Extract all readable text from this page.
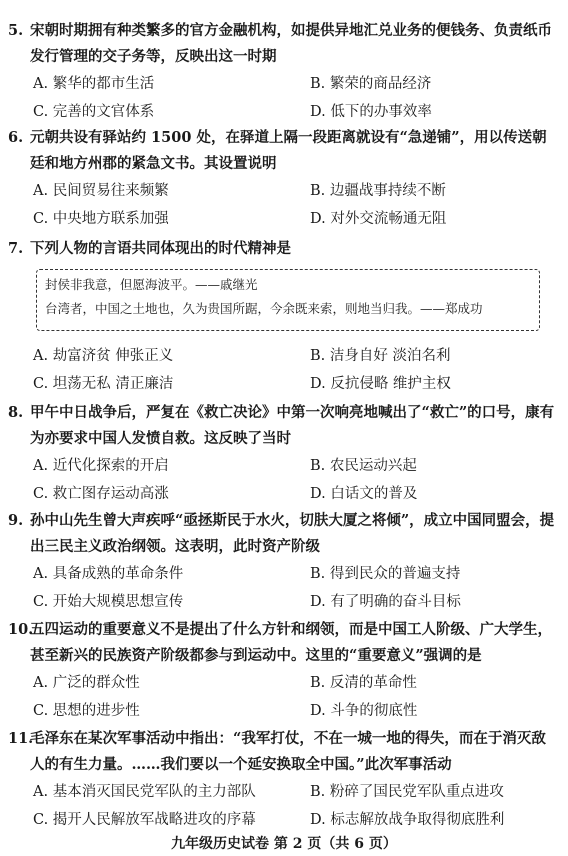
5. 宋朝时期拥有种类繁多的官方金融机构，如提供异地汇兑业务的便钱务、负责纸币发行管理的交子务等，反映出这一时期
A. 繁华的都市生活	B. 繁荣的商品经济
C. 完善的文官体系	D. 低下的办事效率
6. 元朝共设有驿站约 1500 处，在驿道上隔一段距离就设有“急递铺”，用以传送朝廷和地方州郡的紧急文书。其设置说明
A. 民间贸易往来频繁	B. 边疆战事持续不断
C. 中央地方联系加强	D. 对外交流畅通无阻
7. 下列人物的言语共同体现出的时代精神是
封侯非我意，但愿海波平。——戚继光
台湾者，中国之土地也，久为贵国所踞，今余既来索，则地当归我。——郑成功
A. 劫富济贫 伸张正义	B. 洁身自好 淡泊名利
C. 坦荡无私 清正廉洁	D. 反抗侵略 维护主权
8. 甲午中日战争后，严复在《救亡决论》中第一次响亮地喊出了“救亡”的口号，康有为亦要求中国人发愤自救。这反映了当时
A. 近代化探索的开启	B. 农民运动兴起
C. 救亡图存运动高涨	D. 白话文的普及
9. 孙中山先生曾大声疾呼“亟拯斯民于水火，切肤大厦之将倾”，成立中国同盟会，提出三民主义政治纲领。这表明，此时资产阶级
A. 具备成熟的革命条件	B. 得到民众的普遍支持
C. 开始大规模思想宣传	D. 有了明确的奋斗目标
10.五四运动的重要意义不是提出了什么方针和纲领，而是中国工人阶级、广大学生，甚至新兴的民族资产阶级都参与到运动中。这里的“重要意义”强调的是
A. 广泛的群众性	B. 反清的革命性
C. 思想的进步性	D. 斗争的彻底性
11.毛泽东在某次军事活动中指出：“我军打仗，不在一城一地的得失，而在于消灭敌人的有生力量。……我们要以一个延安换取全中国。”此次军事活动
A. 基本消灭国民党军队的主力部队	B. 粉碎了国民党军队重点进攻
C. 揭开人民解放军战略进攻的序幕	D. 标志解放战争取得彻底胜利
九年级历史试卷 第 2 页（共 6 页）
